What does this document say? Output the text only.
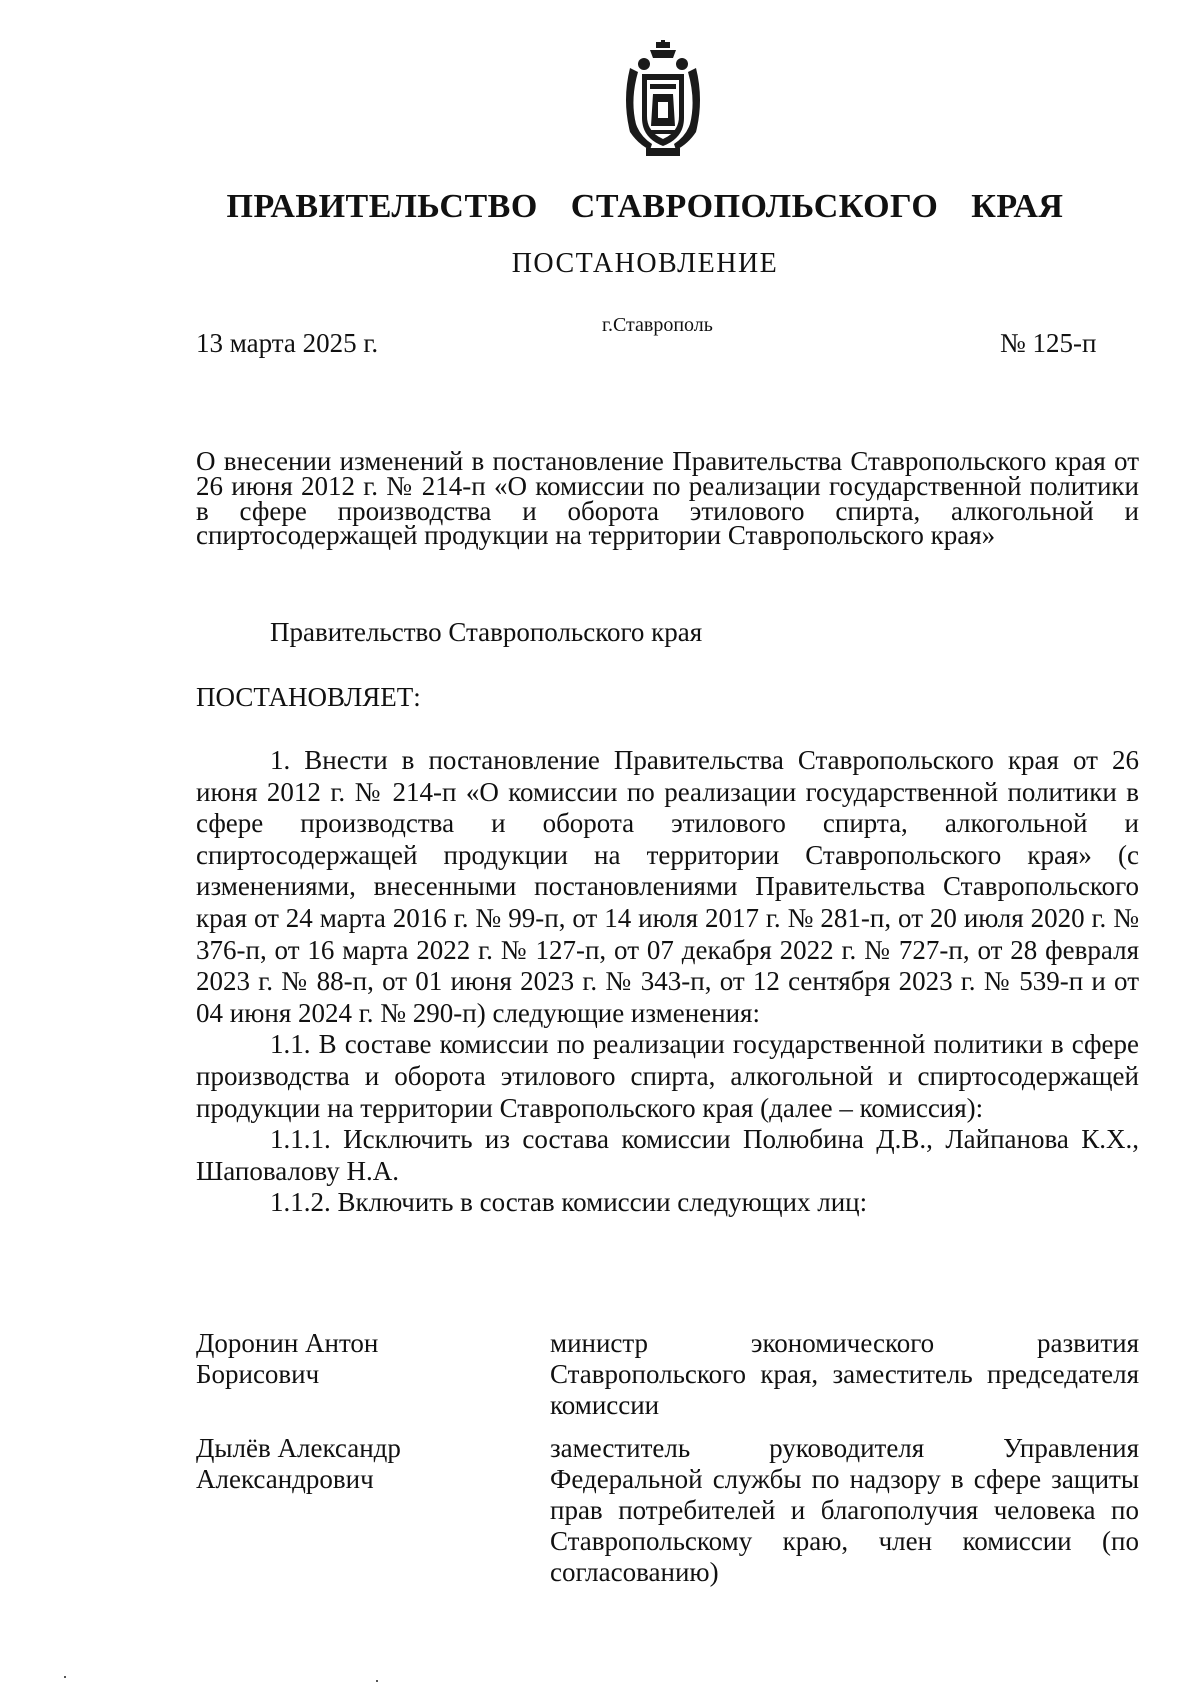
ПРАВИТЕЛЬСТВО СТАВРОПОЛЬСКОГО КРАЯ
ПОСТАНОВЛЕНИЕ
13 марта 2025 г.
г.Ставрополь
№ 125-п
О внесении изменений в постановление Правительства Ставропольского края от 26 июня 2012 г. № 214-п «О комиссии по реализации государственной политики в сфере производства и оборота этилового спирта, алкогольной и спиртосодержащей продукции на территории Ставропольского края»
Правительство Ставропольского края
ПОСТАНОВЛЯЕТ:

1. Внести в постановление Правительства Ставропольского края от 26 июня 2012 г. № 214-п «О комиссии по реализации государственной политики в сфере производства и оборота этилового спирта, алкогольной и спиртосодержащей продукции на территории Ставропольского края» (с изменениями, внесенными постановлениями Правительства Ставропольского края от 24 марта 2016 г. № 99-п, от 14 июля 2017 г. № 281-п, от 20 июля 2020 г. № 376-п, от 16 марта 2022 г. № 127-п, от 07 декабря 2022 г. № 727-п, от 28 февраля 2023 г. № 88-п, от 01 июня 2023 г. № 343-п, от 12 сентября 2023 г. № 539-п и от 04 июня 2024 г. № 290-п) следующие изменения:

1.1. В составе комиссии по реализации государственной политики в сфере производства и оборота этилового спирта, алкогольной и спиртосодержащей продукции на территории Ставропольского края (далее – комиссия):

1.1.1. Исключить из состава комиссии Полюбина Д.В., Лайпанова К.Х., Шаповалову Н.А.

1.1.2. Включить в состав комиссии следующих лиц:

Доронин Антон
Борисович
министр экономического развития Ставропольского края, заместитель председателя комиссии
Дылёв Александр
Александрович
заместитель руководителя Управления Федеральной службы по надзору в сфере защиты прав потребителей и благополучия человека по Ставропольскому краю, член комиссии (по согласованию)
